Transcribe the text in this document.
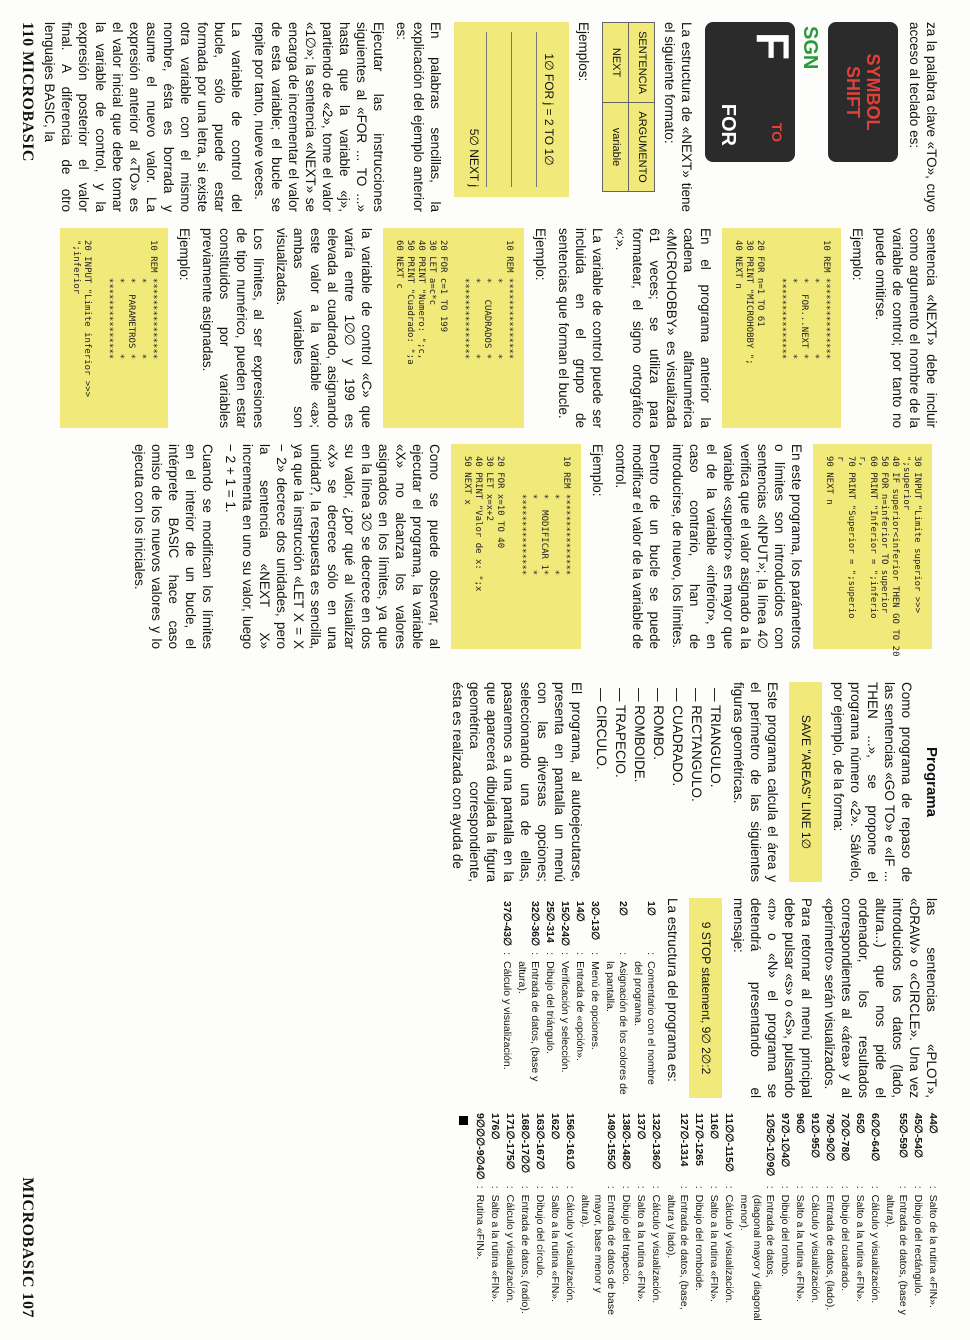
za la palabra clave «TO», cuyo acceso al teclado es:

SYMBOL
SHIFT
SGN
F
TO
FOR

La estructura de «NEXT» tiene el siguiente formato:

SENTENCIA	ARGUMENTO
NEXT	variable

Ejemplos:

1∅ FOR j = 2 TO 1∅
5∅ NEXT j

En palabras sencillas, la explicación del ejemplo anterior es:

Ejecutar las instrucciones siguientes al «FOR ... TO ...» hasta que la variable «j», partiendo de «2», tome el valor «1∅»; la sentencia «NEXT» se encarga de incrementar el valor de esta variable; el bucle se repite por tanto, nueve veces.

La variable de control del bucle, sólo puede estar formada por una letra, si existe otra variable con el mismo nombre, ésta es borrada y asume el nuevo valor. La expresión anterior al «TO» es el valor inicial que debe tomar la variable de control, y la expresión posterior el valor final. A diferencia de otro lenguajes BASIC, la

sentencia «NEXT» debe incluir como argumento el nombre de la variable de control; por tanto no puede omitirse.

Ejemplo:

10 REM ***************
*             *
*  FOR...NEXT *
*             *
***************

20 FOR n=1 TO 61
30 PRINT "MICROHOBBY ";
40 NEXT n

En el programa anterior la cadena alfanumérica «MICROHOBBY» es visualizada 61 veces; se utiliza para formatear, el signo ortográfico «;».

La variable de control puede ser incluida en el grupo de sentencias que forman el bucle.

Ejemplo:

10 REM ***************
*             *
*   CUADRADOS *
*             *
***************

20 FOR c=1 TO 199
30 LET a=c*c
40 PRINT "Numero: ";c,
50 PRINT "Cuadrado: ";a
60 NEXT c

la variable de control «C» que varía entre 1∅∅ y 199 es elevada al cuadrado, asignando este valor a la variable «a»; ambas variables son visualizadas.

Los límites, al ser expresiones de tipo numérico, pueden estar constituidos por variables previamente asignadas.

Ejemplo:

10 REM ***************
*             *
*  PARAMETROS *
*             *
***************

20 INPUT "Limite inferior >>>
";inferior
30 INPUT "Limite superior >>>
";superior
40 IF superior<inferior THEN GO TO 20
50 FOR n=inferior TO superior
60 PRINT "Inferior = ";inferio
r,
70 PRINT "Superior = ";superio
r
90 NEXT n

En este programa, los parámetros o límites son introducidos con sentencias «INPUT»; la línea 4∅ verifica que el valor asignado a la variable «superior» es mayor que el de la variable «inferior», en caso contrario, han de introducirse, de nuevo, los límites.

Dentro de un bucle se puede modificar el valor de la variable de control.

Ejemplo:

10 REM ***************
*             *
*  MODIFICAR 1*
*             *
***************

20 FOR x=10 TO 40
30 LET x=x+2
40 PRINT "Valor de x: ";x
50 NEXT x

Como se puede observar, al ejecutar el programa, la variable «X» no alcanza los valores asignados en los límites, ya que en la línea 3∅ se decrece en dos su valor, ¿por qué al visualizar «X» se decrece sólo en una unidad?, la respuesta es sencilla, ya que la instrucción «LET X = X − 2» decrece dos unidades, pero la sentencia «NEXT X» incrementa en uno su valor, luego − 2 + 1 = 1.

Cuando se modifican los límites en el interior de un bucle, el intérprete BASIC hace caso omiso de los nuevos valores y lo ejecuta con los iniciales.

110 MICROBASIC
Programa

Como programa de repaso de las sentencias «GO TO» e «IF ... THEN ...», se propone el programa número «2». Sálvelo, por ejemplo, de la forma:

SAVE "AREAS" LINE 1∅

Este programa calcula el área y el perímetro de las siguientes figuras geométricas.

— TRIANGULO.
— RECTANGULO.
— CUADRADO.
— ROMBO.
— ROMBOIDE.
— TRAPECIO.
— CIRCULO.

El programa, al autoejecutarse, presenta en pantalla un menú con las diversas opciones; seleccionando una de ellas, pasaremos a una pantalla en la que aparecerá dibujada la figura geométrica correspondiente, ésta es realizada con ayuda de

las sentencias «PLOT», «DRAW» o «CIRCLE». Una vez introducidos los datos (lado, altura...) que nos pide el ordenador, los resultados correspondientes al «área» y al «perímetro» serán visualizados.

Para retornar al menú principal debe pulsar «s» o «S», pulsando «n» o «N» el programa se detendrá presentando el mensaje:

9 STOP statement, 9∅ 2∅:2

La estructura del programa es:

1∅	:	Comentario con el nombre del programa.
2∅	:	Asignación de los colores de la pantalla.
3∅-13∅	:	Menú de opciones.
14∅	:	Entrada de «opción».
15∅-24∅	:	Verificación y selección.
25∅-314	:	Dibujo del triángulo.
32∅-36∅	:	Entrada de datos, (base y altura).
37∅-43∅	:	Cálculo y visualización.
44∅	:	Salto de la rutina «FIN».
45∅-54∅	:	Dibujo del rectángulo.
55∅-59∅	:	Entrada de datos, (base y altura).
6∅∅-64∅	:	Cálculo y visualización.
65∅	:	Salto a la rutina «FIN».
7∅∅-78∅	:	Dibujo del cuadrado.
79∅-9∅∅	:	Entrada de datos, (lado).
91∅-95∅	:	Cálculo y visualización.
96∅	:	Salto a la rutina «FIN».
97∅-1∅4∅	:	Dibujo del rombo.
1∅5∅-1∅9∅	:	Entrada de datos, (diagonal mayor y diagonal menor).
11∅∅-115∅	:	Cálculo y visualización.
116∅	:	Salto a la rutina «FIN».
117∅-1265	:	Dibujo del romboide.
127∅-1314	:	Entrada de datos, (base, altura y lado).
132∅-136∅	:	Cálculo y visualización.
137∅	:	Salto a la rutina «FIN».
138∅-148∅	:	Dibujo del trapecio.
149∅-155∅	:	Entrada de datos de base mayor, base menor y altura).
156∅-161∅	:	Cálculo y visualización.
162∅	:	Salto a la rutina «FIN».
163∅-167∅	:	Dibujo del círculo.
168∅-17∅∅	:	Entrada de datos, (radio).
171∅-175∅	:	Cálculo y visualización.
176∅	:	Salto a la rutina «FIN».
9∅∅∅-9∅4∅	:	Rutina «FIN».
MICROBASIC 107
